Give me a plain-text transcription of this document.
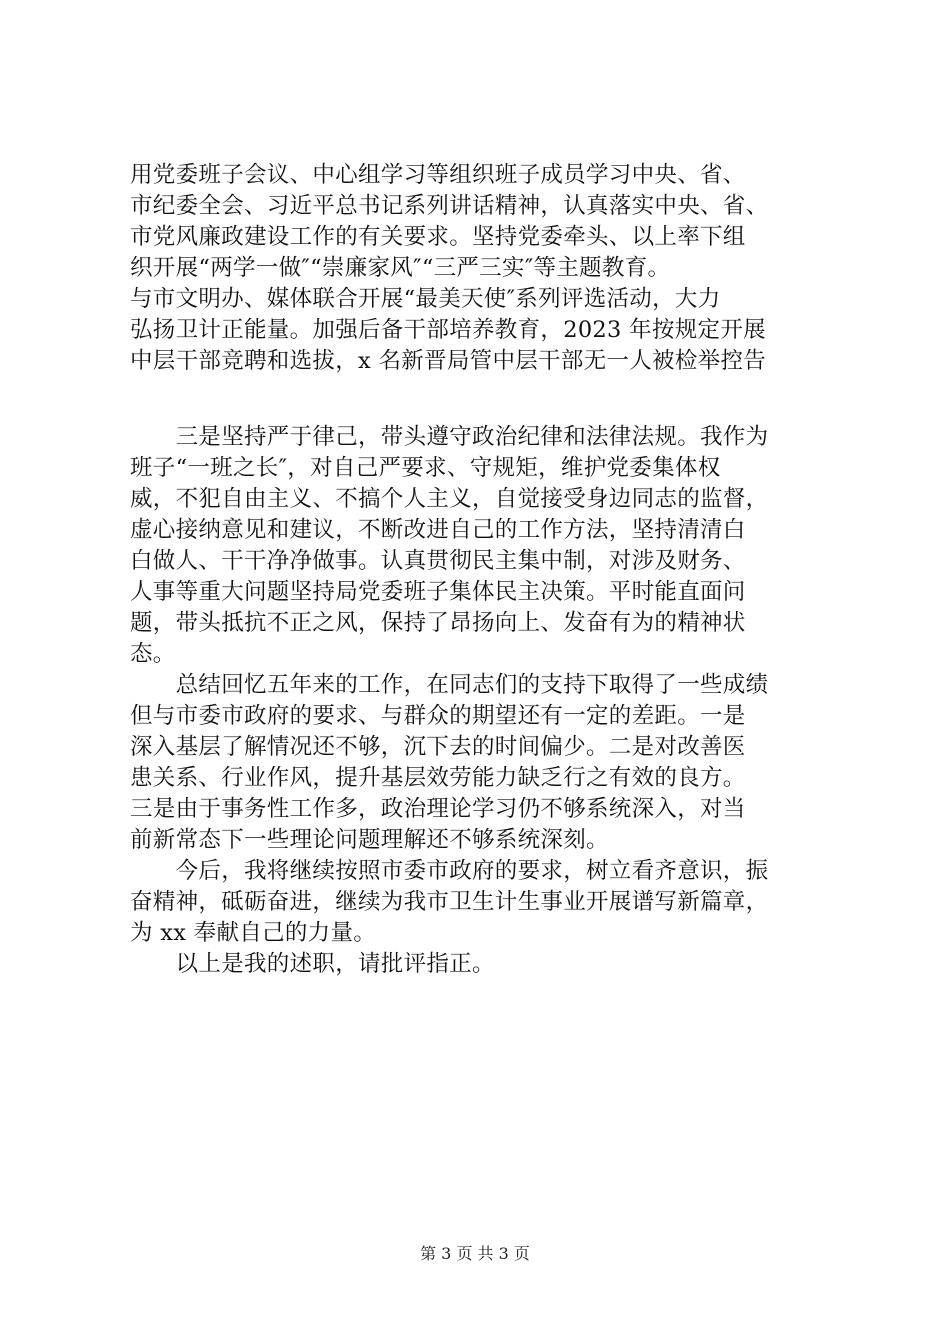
用党委班子会议、中心组学习等组织班子成员学习中央、省、
市纪委全会、习近平总书记系列讲话精神，认真落实中央、省、
市党风廉政建设工作的有关要求。坚持党委牵头、以上率下组
织开展“两学一做″“崇廉家风″“三严三实″等主题教育。
与市文明办、媒体联合开展“最美天使″系列评选活动，大力
弘扬卫计正能量。加强后备干部培养教育，2023 年按规定开展
中层干部竞聘和选拔，x 名新晋局管中层干部无一人被检举控告
　　三是坚持严于律己，带头遵守政治纪律和法律法规。我作为
班子“一班之长″，对自己严要求、守规矩，维护党委集体权
威，不犯自由主义、不搞个人主义，自觉接受身边同志的监督，
虚心接纳意见和建议，不断改进自己的工作方法，坚持清清白
白做人、干干净净做事。认真贯彻民主集中制，对涉及财务、
人事等重大问题坚持局党委班子集体民主决策。平时能直面问
题，带头抵抗不正之风，保持了昂扬向上、发奋有为的精神状
态。
　　总结回忆五年来的工作，在同志们的支持下取得了一些成绩
但与市委市政府的要求、与群众的期望还有一定的差距。一是
深入基层了解情况还不够，沉下去的时间偏少。二是对改善医
患关系、行业作风，提升基层效劳能力缺乏行之有效的良方。
三是由于事务性工作多，政治理论学习仍不够系统深入，对当
前新常态下一些理论问题理解还不够系统深刻。
　　今后，我将继续按照市委市政府的要求，树立看齐意识，振
奋精神，砥砺奋进，继续为我市卫生计生事业开展谱写新篇章，
为 xx 奉献自己的力量。
　　以上是我的述职，请批评指正。
第 3 页 共 3 页
